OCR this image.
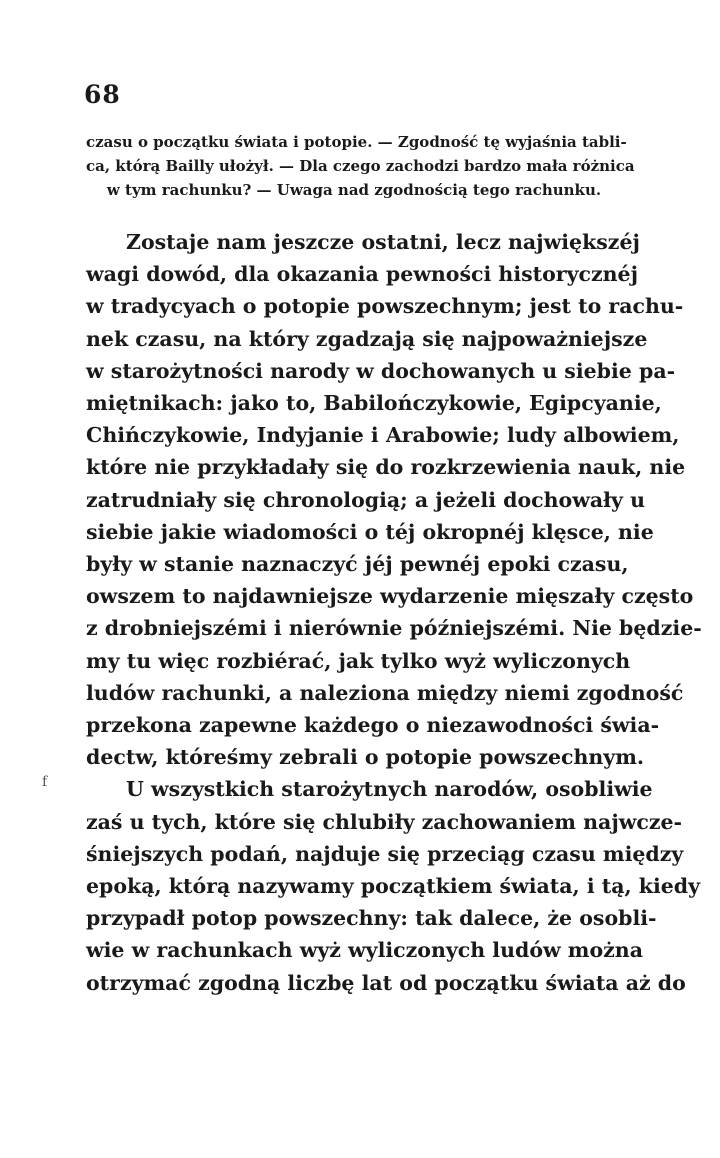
68
czasu o początku świata i potopie. — Zgodność tę wyjaśnia tabli-
ca, którą Bailly ułożył. — Dla czego zachodzi bardzo mała różnica
w tym rachunku? — Uwaga nad zgodnością tego rachunku.
Zostaje nam jeszcze ostatni, lecz największéj
wagi dowód, dla okazania pewności historycznéj
w tradycyach o potopie powszechnym; jest to rachu-
nek czasu, na który zgadzają się najpoważniejsze
w starożytności narody w dochowanych u siebie pa-
miętnikach: jako to, Babilończykowie, Egipcyanie,
Chińczykowie, Indyjanie i Arabowie; ludy albowiem,
które nie przykładały się do rozkrzewienia nauk, nie
zatrudniały się chronologią; a jeżeli dochowały u
siebie jakie wiadomości o téj okropnéj klęsce, nie
były w stanie naznaczyć jéj pewnéj epoki czasu,
owszem to najdawniejsze wydarzenie mięszały często
z drobniejszémi i nierównie późniejszémi. Nie będzie-
my tu więc rozbiérać, jak tylko wyż wyliczonych
ludów rachunki, a naleziona między niemi zgodność
przekona zapewne każdego o niezawodności świa-
dectw, któreśmy zebrali o potopie powszechnym.
U wszystkich starożytnych narodów, osobliwie
zaś u tych, które się chlubiły zachowaniem najwcze-
śniejszych podań, najduje się przeciąg czasu między
epoką, którą nazywamy początkiem świata, i tą, kiedy
przypadł potop powszechny: tak dalece, że osobli-
wie w rachunkach wyż wyliczonych ludów można
otrzymać zgodną liczbę lat od początku świata aż do
f
